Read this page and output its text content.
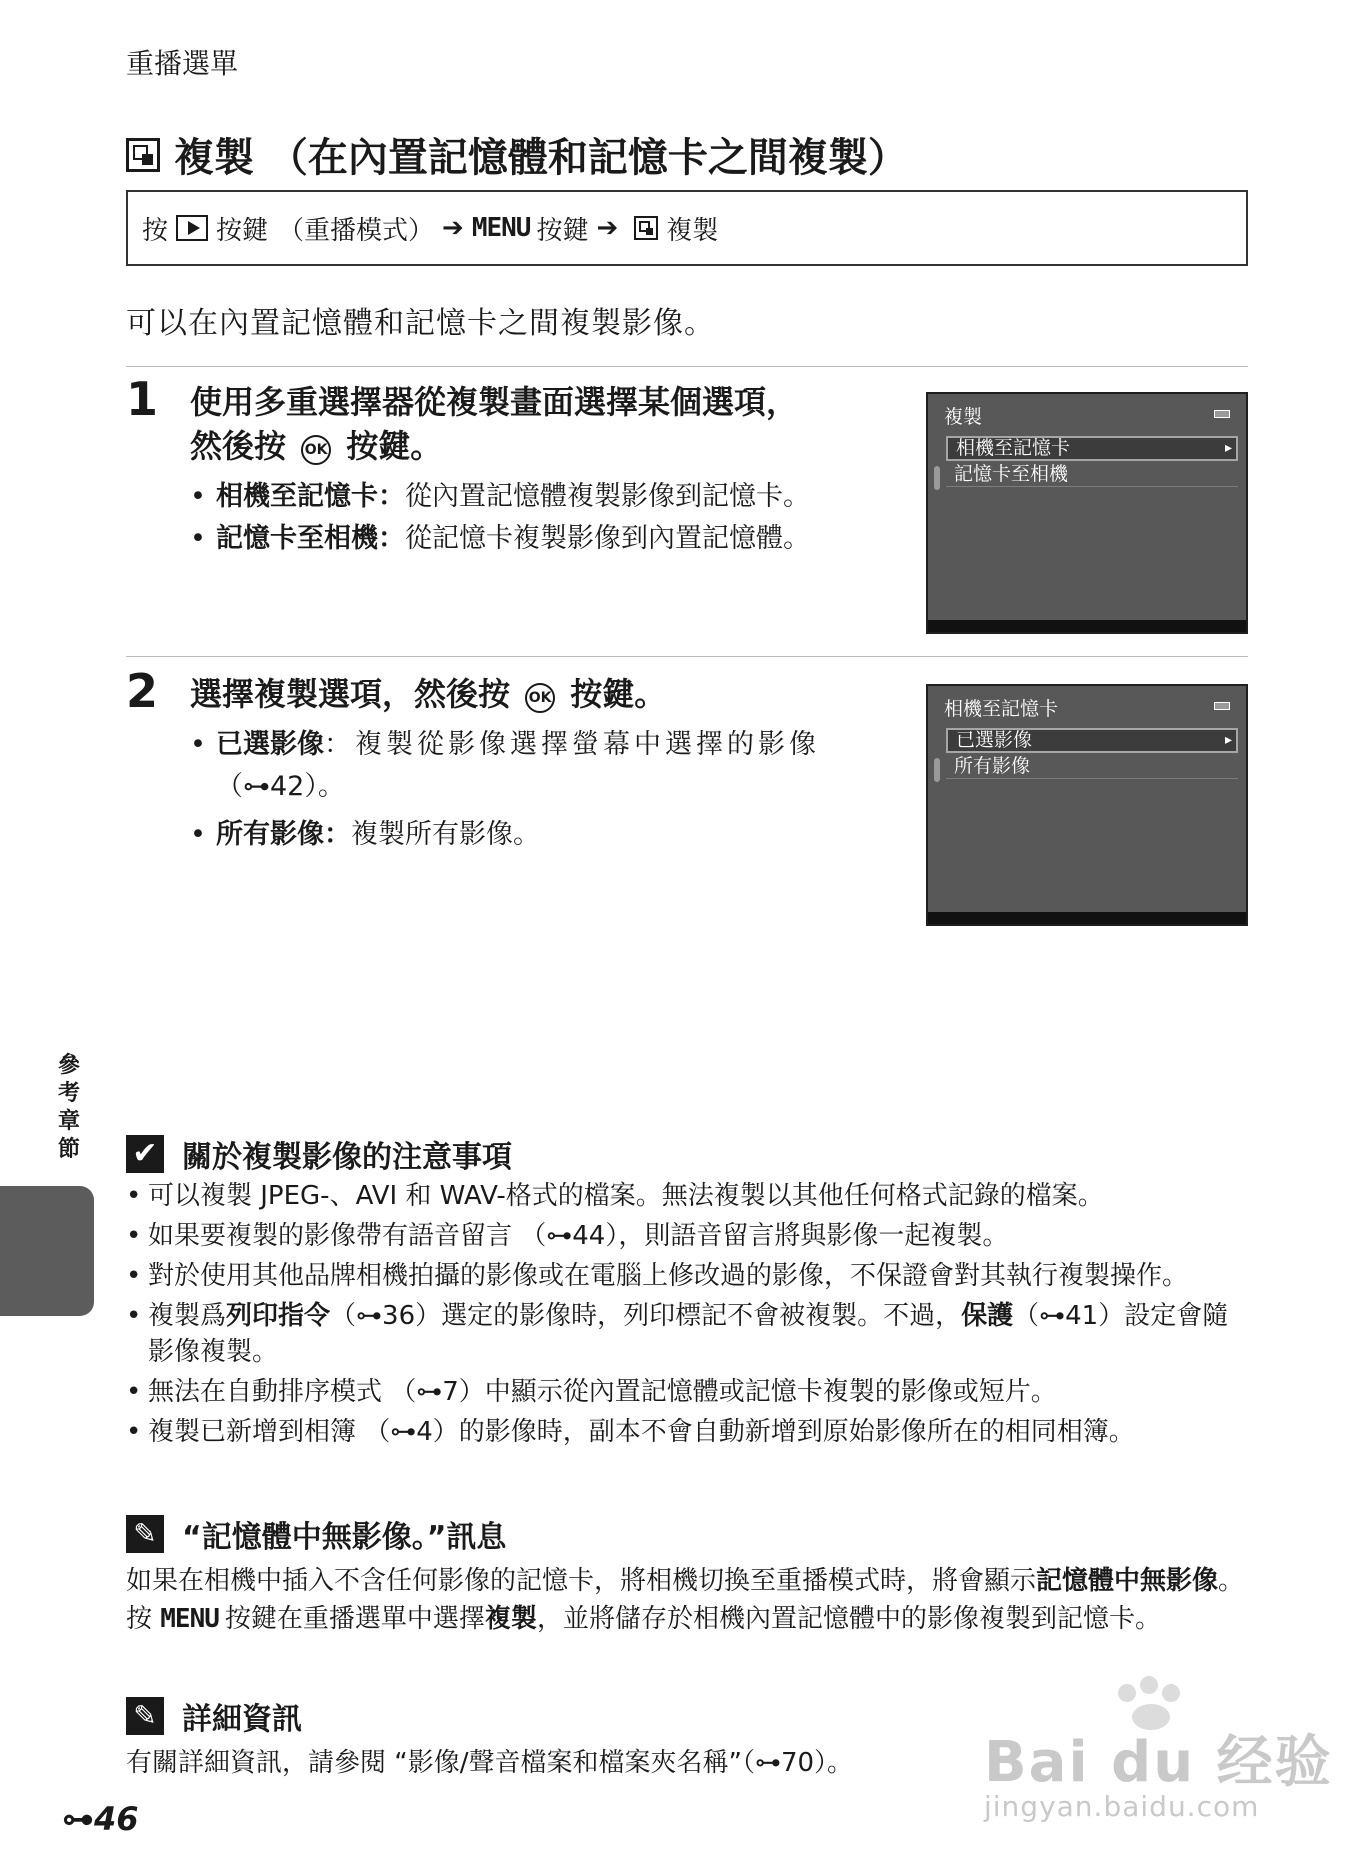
重播選單
複製 （在內置記憶體和記憶卡之間複製）
按 按鍵 （重播模式） ➔ MENU 按鍵 ➔ 複製
可以在內置記憶體和記憶卡之間複製影像。
1 使用多重選擇器從複製畫面選擇某個選項，
然後按 OK 按鍵。
• 相機至記憶卡：從內置記憶體複製影像到記憶卡。
• 記憶卡至相機：從記憶卡複製影像到內置記憶體。
複製
相機至記憶卡 ▸
記憶卡至相機
2 選擇複製選項，然後按 OK 按鍵。
• 已選影像：複製從影像選擇螢幕中選擇的影像
（⊶42）。
• 所有影像：複製所有影像。
相機至記憶卡
已選影像 ▸
所有影像
參考章節 ✔ 關於複製影像的注意事項
• 可以複製 JPEG-、AVI 和 WAV-格式的檔案。無法複製以其他任何格式記錄的檔案。
• 如果要複製的影像帶有語音留言 （⊶44），則語音留言將與影像一起複製。
• 對於使用其他品牌相機拍攝的影像或在電腦上修改過的影像，不保證會對其執行複製操作。
• 複製爲列印指令（⊶36）選定的影像時，列印標記不會被複製。不過，保護（⊶41）設定會隨影像複製。
• 無法在自動排序模式 （⊶7）中顯示從內置記憶體或記憶卡複製的影像或短片。
• 複製已新增到相簿 （⊶4）的影像時，副本不會自動新增到原始影像所在的相同相簿。
✎ “記憶體中無影像。”訊息
如果在相機中插入不含任何影像的記憶卡，將相機切換至重播模式時，將會顯示記憶體中無影像。按 MENU 按鍵在重播選單中選擇複製，並將儲存於相機內置記憶體中的影像複製到記憶卡。
✎ 詳細資訊
有關詳細資訊，請參閱 “影像/聲音檔案和檔案夾名稱”（⊶70）。
⊶46
Bai du 经验
jingyan.baidu.com
